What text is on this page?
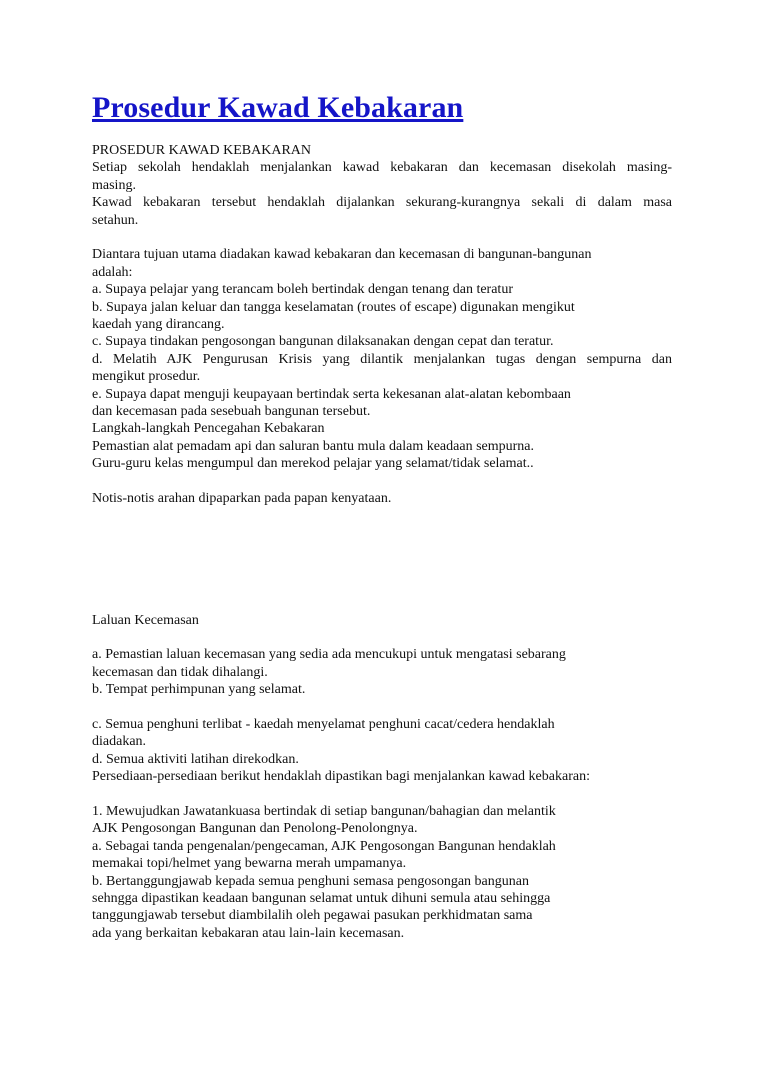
Prosedur Kawad Kebakaran

PROSEDUR KAWAD KEBAKARAN

Setiap sekolah hendaklah menjalankan kawad kebakaran dan kecemasan disekolah masing-

masing.

Kawad kebakaran tersebut hendaklah dijalankan sekurang-kurangnya sekali di dalam masa

setahun.

Diantara tujuan utama diadakan kawad kebakaran dan kecemasan di bangunan-bangunan

adalah:

a. Supaya pelajar yang terancam boleh bertindak dengan tenang dan teratur

b. Supaya jalan keluar dan tangga keselamatan (routes of escape) digunakan mengikut

kaedah yang dirancang.

c. Supaya tindakan pengosongan bangunan dilaksanakan dengan cepat dan teratur.

d. Melatih AJK Pengurusan Krisis yang dilantik menjalankan tugas dengan sempurna dan

mengikut prosedur.

e. Supaya dapat menguji keupayaan bertindak serta kekesanan alat-alatan kebombaan

dan kecemasan pada sesebuah bangunan tersebut.

Langkah-langkah Pencegahan Kebakaran

Pemastian alat pemadam api dan saluran bantu mula dalam keadaan sempurna.

Guru-guru kelas mengumpul dan merekod pelajar yang selamat/tidak selamat..

Notis-notis arahan dipaparkan pada papan kenyataan.

Laluan Kecemasan

a. Pemastian laluan kecemasan yang sedia ada mencukupi untuk mengatasi sebarang

kecemasan dan tidak dihalangi.

b. Tempat perhimpunan yang selamat.

c. Semua penghuni terlibat - kaedah menyelamat penghuni cacat/cedera hendaklah

diadakan.

d. Semua aktiviti latihan direkodkan.

Persediaan-persediaan berikut hendaklah dipastikan bagi menjalankan kawad kebakaran:

1. Mewujudkan Jawatankuasa bertindak di setiap bangunan/bahagian dan melantik

AJK Pengosongan Bangunan dan Penolong-Penolongnya.

a. Sebagai tanda pengenalan/pengecaman, AJK Pengosongan Bangunan hendaklah

memakai topi/helmet yang bewarna merah umpamanya.

b. Bertanggungjawab kepada semua penghuni semasa pengosongan bangunan

sehngga dipastikan keadaan bangunan selamat untuk dihuni semula atau sehingga

tanggungjawab tersebut diambilalih oleh pegawai pasukan perkhidmatan sama

ada yang berkaitan kebakaran atau lain-lain kecemasan.
